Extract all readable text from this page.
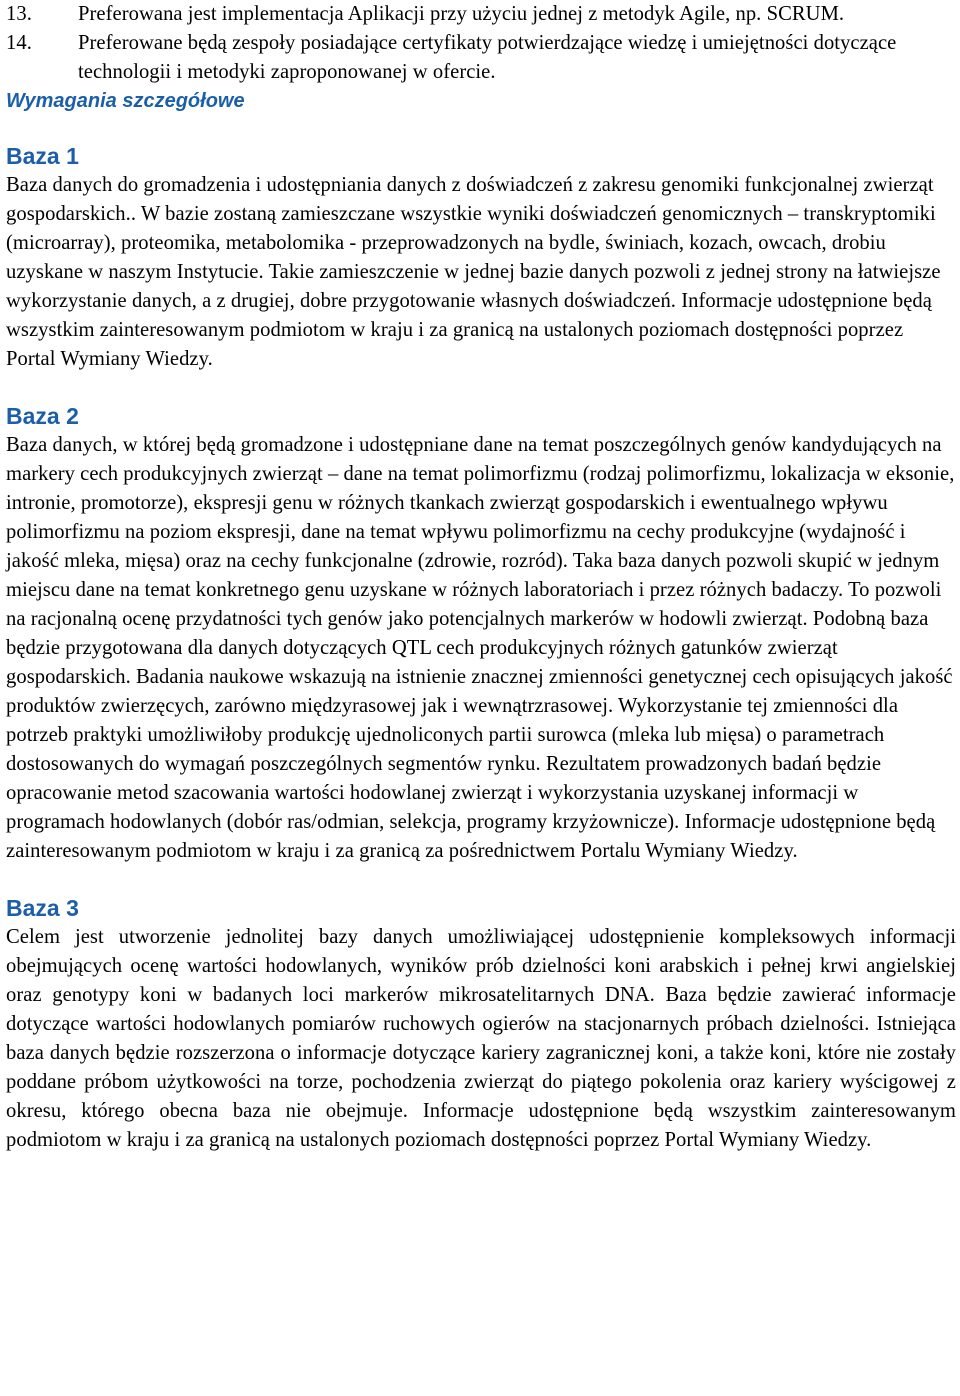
13. Preferowana jest implementacja Aplikacji przy użyciu jednej z metodyk Agile, np. SCRUM.
14. Preferowane będą zespoły posiadające certyfikaty potwierdzające wiedzę i umiejętności dotyczące technologii i metodyki zaproponowanej w ofercie.

Wymagania szczegółowe

Baza 1

Baza danych do gromadzenia i udostępniania danych z doświadczeń z zakresu genomiki funkcjonalnej zwierząt gospodarskich.. W bazie zostaną zamieszczane wszystkie wyniki doświadczeń genomicznych – transkryptomiki (microarray), proteomika, metabolomika - przeprowadzonych na bydle, świniach, kozach, owcach, drobiu uzyskane w naszym Instytucie. Takie zamieszczenie w jednej bazie danych pozwoli z jednej strony na łatwiejsze wykorzystanie danych, a z drugiej, dobre przygotowanie własnych doświadczeń. Informacje udostępnione będą wszystkim zainteresowanym podmiotom w kraju i za granicą na ustalonych poziomach dostępności poprzez Portal Wymiany Wiedzy.

Baza 2

Baza danych, w której będą gromadzone i udostępniane dane na temat poszczególnych genów kandydujących na markery cech produkcyjnych zwierząt – dane na temat polimorfizmu (rodzaj polimorfizmu, lokalizacja w eksonie, intronie, promotorze), ekspresji genu w różnych tkankach zwierząt gospodarskich i ewentualnego wpływu polimorfizmu na poziom ekspresji, dane na temat wpływu polimorfizmu na cechy produkcyjne (wydajność i jakość mleka, mięsa) oraz na cechy funkcjonalne (zdrowie, rozród). Taka baza danych pozwoli skupić w jednym miejscu dane na temat konkretnego genu uzyskane w różnych laboratoriach i przez różnych badaczy. To pozwoli na racjonalną ocenę przydatności tych genów jako potencjalnych markerów w hodowli zwierząt. Podobną baza będzie przygotowana dla danych dotyczących QTL cech produkcyjnych różnych gatunków zwierząt gospodarskich. Badania naukowe wskazują na istnienie znacznej zmienności genetycznej cech opisujących jakość produktów zwierzęcych, zarówno międzyrasowej jak i wewnątrzrasowej. Wykorzystanie tej zmienności dla potrzeb praktyki umożliwiłoby produkcję ujednoliconych partii surowca (mleka lub mięsa) o parametrach dostosowanych do wymagań poszczególnych segmentów rynku. Rezultatem prowadzonych badań będzie opracowanie metod szacowania wartości hodowlanej zwierząt i wykorzystania uzyskanej informacji w programach hodowlanych (dobór ras/odmian, selekcja, programy krzyżownicze). Informacje udostępnione będą zainteresowanym podmiotom w kraju i za granicą za pośrednictwem Portalu Wymiany Wiedzy.

Baza 3

Celem jest utworzenie jednolitej bazy danych umożliwiającej udostępnienie kompleksowych informacji obejmujących ocenę wartości hodowlanych, wyników prób dzielności koni arabskich i pełnej krwi angielskiej oraz genotypy koni w badanych loci markerów mikrosatelitarnych DNA. Baza będzie zawierać informacje dotyczące wartości hodowlanych pomiarów ruchowych ogierów na stacjonarnych próbach dzielności. Istniejąca baza danych będzie rozszerzona o informacje dotyczące kariery zagranicznej koni, a także koni, które nie zostały poddane próbom użytkowości na torze, pochodzenia zwierząt do piątego pokolenia oraz kariery wyścigowej z okresu, którego obecna baza nie obejmuje. Informacje udostępnione będą wszystkim zainteresowanym podmiotom w kraju i za granicą na ustalonych poziomach dostępności poprzez Portal Wymiany Wiedzy.
